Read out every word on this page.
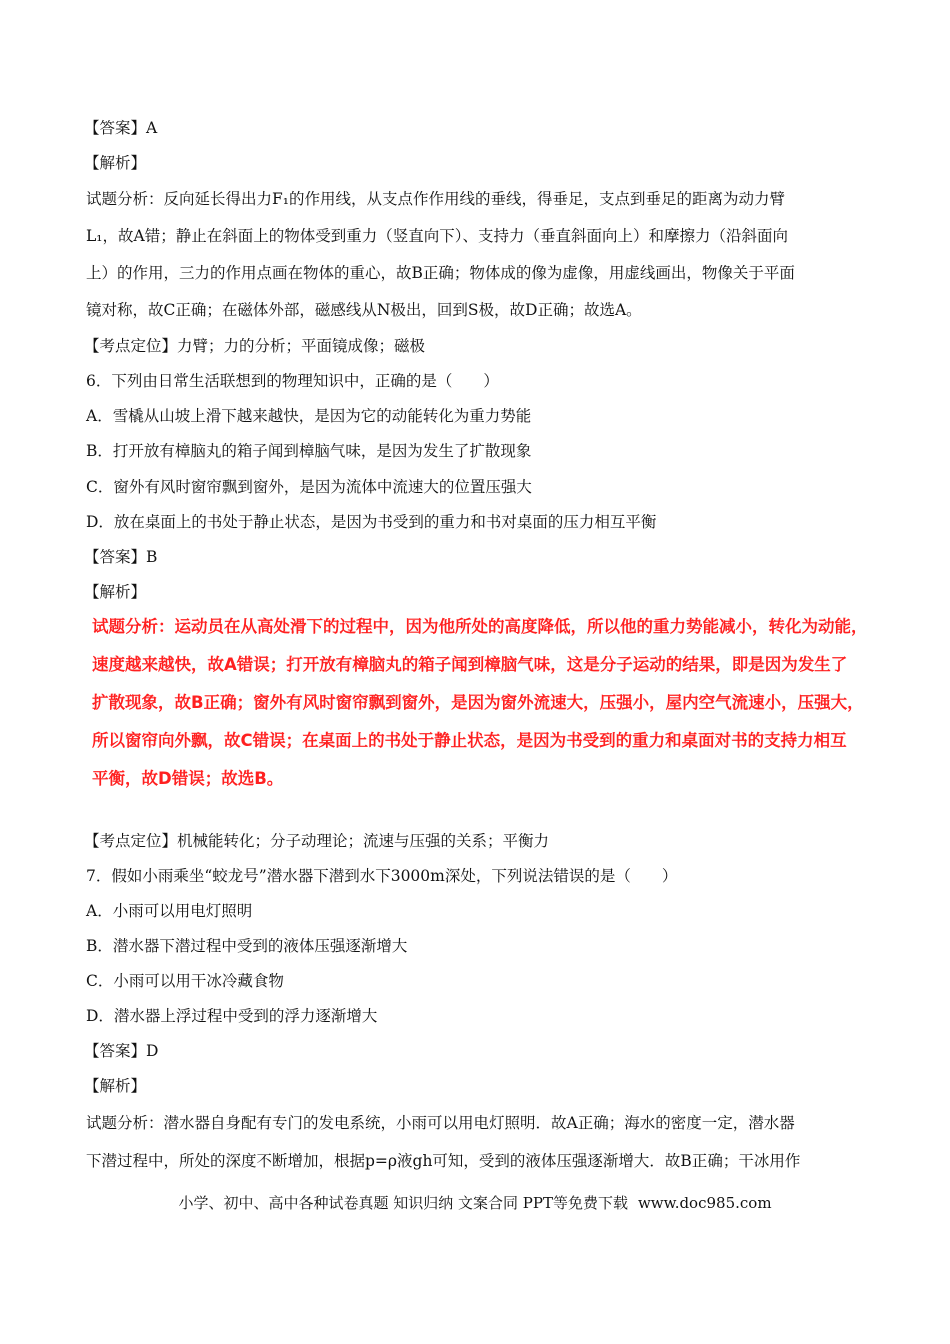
【答案】A
【解析】
试题分析：反向延长得出力F₁的作用线，从支点作作用线的垂线，得垂足，支点到垂足的距离为动力臂
L₁，故A错；静止在斜面上的物体受到重力（竖直向下）、支持力（垂直斜面向上）和摩擦力（沿斜面向
上）的作用，三力的作用点画在物体的重心，故B正确；物体成的像为虚像，用虚线画出，物像关于平面
镜对称，故C正确；在磁体外部，磁感线从N极出，回到S极，故D正确；故选A。
【考点定位】力臂；力的分析；平面镜成像；磁极
6．下列由日常生活联想到的物理知识中，正确的是（　　）
A．雪橇从山坡上滑下越来越快，是因为它的动能转化为重力势能
B．打开放有樟脑丸的箱子闻到樟脑气味，是因为发生了扩散现象
C．窗外有风时窗帘飘到窗外，是因为流体中流速大的位置压强大
D．放在桌面上的书处于静止状态，是因为书受到的重力和书对桌面的压力相互平衡
【答案】B
【解析】
试题分析：运动员在从高处滑下的过程中，因为他所处的高度降低，所以他的重力势能减小，转化为动能，
速度越来越快，故A错误；打开放有樟脑丸的箱子闻到樟脑气味，这是分子运动的结果，即是因为发生了
扩散现象，故B正确；窗外有风时窗帘飘到窗外，是因为窗外流速大，压强小，屋内空气流速小，压强大，
所以窗帘向外飘，故C错误；在桌面上的书处于静止状态，是因为书受到的重力和桌面对书的支持力相互
平衡，故D错误；故选B。
【考点定位】机械能转化；分子动理论；流速与压强的关系；平衡力
7．假如小雨乘坐“蛟龙号”潜水器下潜到水下3000m深处，下列说法错误的是（　　）
A．小雨可以用电灯照明
B．潜水器下潜过程中受到的液体压强逐渐增大
C．小雨可以用干冰冷藏食物
D．潜水器上浮过程中受到的浮力逐渐增大
【答案】D
【解析】
试题分析：潜水器自身配有专门的发电系统，小雨可以用电灯照明．故A正确；海水的密度一定，潜水器
下潜过程中，所处的深度不断增加，根据p=ρ液gh可知，受到的液体压强逐渐增大．故B正确；干冰用作
小学、初中、高中各种试卷真题 知识归纳 文案合同 PPT等免费下载 www.doc985.com
